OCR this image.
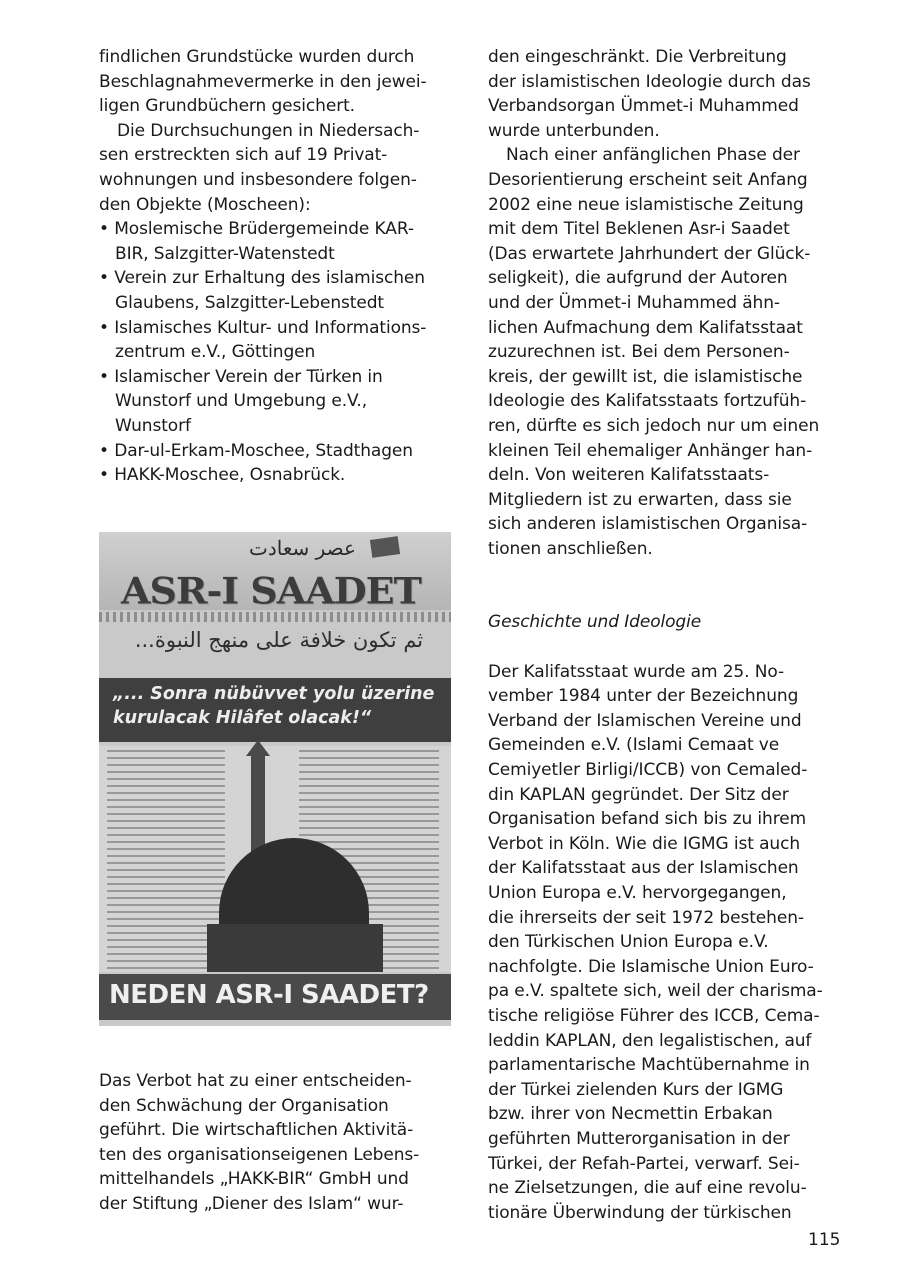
findlichen Grundstücke wurden durch
Beschlagnahmevermerke in den jewei-
ligen Grundbüchern gesichert.
Die Durchsuchungen in Niedersach-
sen erstreckten sich auf 19 Privat-
wohnungen und insbesondere folgen-
den Objekte (Moscheen):
• Moslemische Brüdergemeinde KAR-
BIR, Salzgitter-Watenstedt
• Verein zur Erhaltung des islamischen
Glaubens, Salzgitter-Lebenstedt
• Islamisches Kultur- und Informations-
zentrum e.V., Göttingen
• Islamischer Verein der Türken in
Wunstorf und Umgebung e.V.,
Wunstorf
• Dar-ul-Erkam-Moschee, Stadthagen
• HAKK-Moschee, Osnabrück.
عصر سعادت
ASR-I SAADET
...ثم تكون خلافة على منهج النبوة
„... Sonra nübüvvet yolu üzerine
kurulacak Hilâfet olacak!“
NEDEN ASR-I SAADET?
Das Verbot hat zu einer entscheiden-
den Schwächung der Organisation
geführt. Die wirtschaftlichen Aktivitä-
ten des organisationseigenen Lebens-
mittelhandels „HAKK-BIR“ GmbH und
der Stiftung „Diener des Islam“ wur-
den eingeschränkt. Die Verbreitung
der islamistischen Ideologie durch das
Verbandsorgan Ümmet-i Muhammed
wurde unterbunden.
Nach einer anfänglichen Phase der
Desorientierung erscheint seit Anfang
2002 eine neue islamistische Zeitung
mit dem Titel Beklenen Asr-i Saadet
(Das erwartete Jahrhundert der Glück-
seligkeit), die aufgrund der Autoren
und der Ümmet-i Muhammed ähn-
lichen Aufmachung dem Kalifatsstaat
zuzurechnen ist. Bei dem Personen-
kreis, der gewillt ist, die islamistische
Ideologie des Kalifatsstaats fortzufüh-
ren, dürfte es sich jedoch nur um einen
kleinen Teil ehemaliger Anhänger han-
deln. Von weiteren Kalifatsstaats-
Mitgliedern ist zu erwarten, dass sie
sich anderen islamistischen Organisa-
tionen anschließen.
Geschichte und Ideologie
Der Kalifatsstaat wurde am 25. No-
vember 1984 unter der Bezeichnung
Verband der Islamischen Vereine und
Gemeinden e.V. (Islami Cemaat ve
Cemiyetler Birligi/ICCB) von Cemaled-
din KAPLAN gegründet. Der Sitz der
Organisation befand sich bis zu ihrem
Verbot in Köln. Wie die IGMG ist auch
der Kalifatsstaat aus der Islamischen
Union Europa e.V. hervorgegangen,
die ihrerseits der seit 1972 bestehen-
den Türkischen Union Europa e.V.
nachfolgte. Die Islamische Union Euro-
pa e.V. spaltete sich, weil der charisma-
tische religiöse Führer des ICCB, Cema-
leddin KAPLAN, den legalistischen, auf
parlamentarische Machtübernahme in
der Türkei zielenden Kurs der IGMG
bzw. ihrer von Necmettin Erbakan
geführten Mutterorganisation in der
Türkei, der Refah-Partei, verwarf. Sei-
ne Zielsetzungen, die auf eine revolu-
tionäre Überwindung der türkischen
115
